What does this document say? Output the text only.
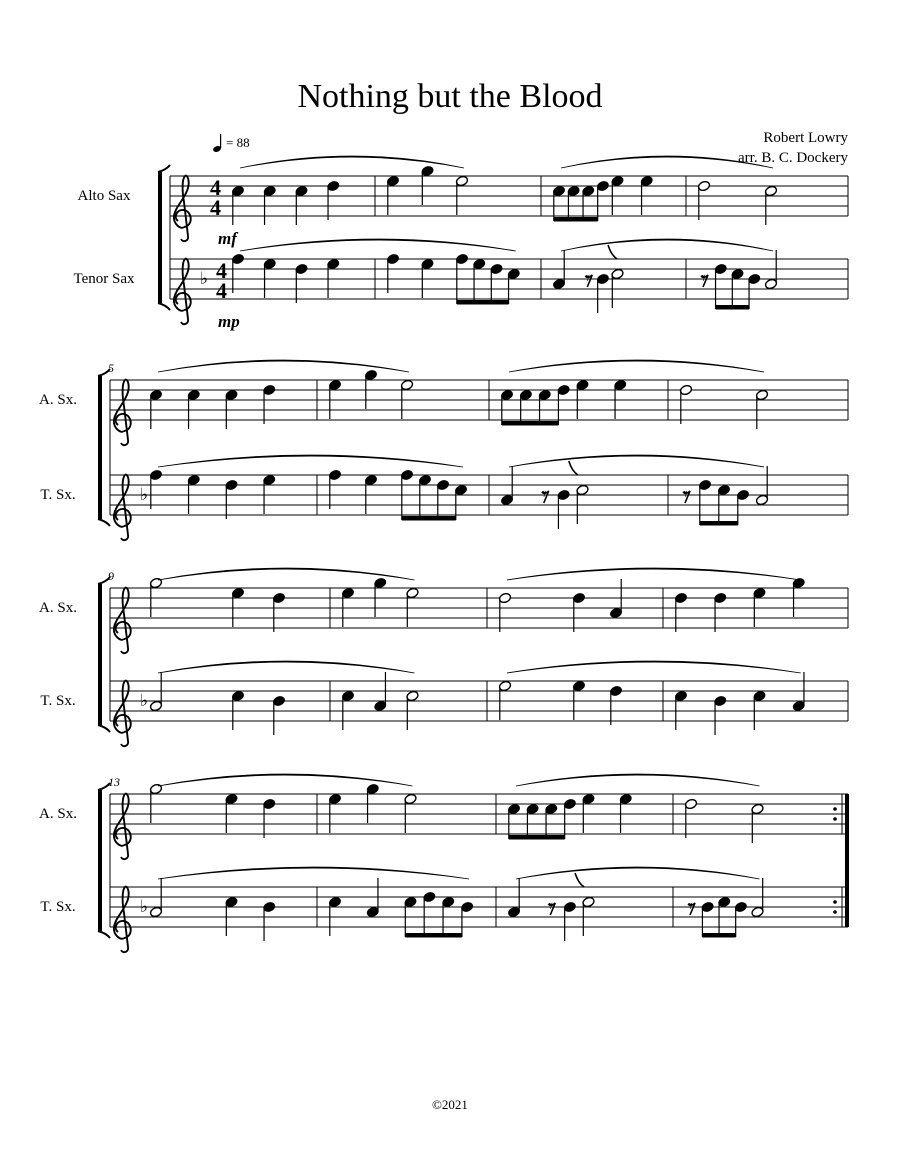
Nothing but the Blood
Robert Lowry
arr. B. C. Dockery
= 88
Alto Sax
Tenor Sax	♭
4
4
4
4	𝄾	𝄾
mf
mp
A. Sx.
T. Sx.	♭
5
𝄾	𝄾
A. Sx.
T. Sx.	♭
9
A. Sx.
T. Sx.	♭
13
𝄾	𝄾
©2021
